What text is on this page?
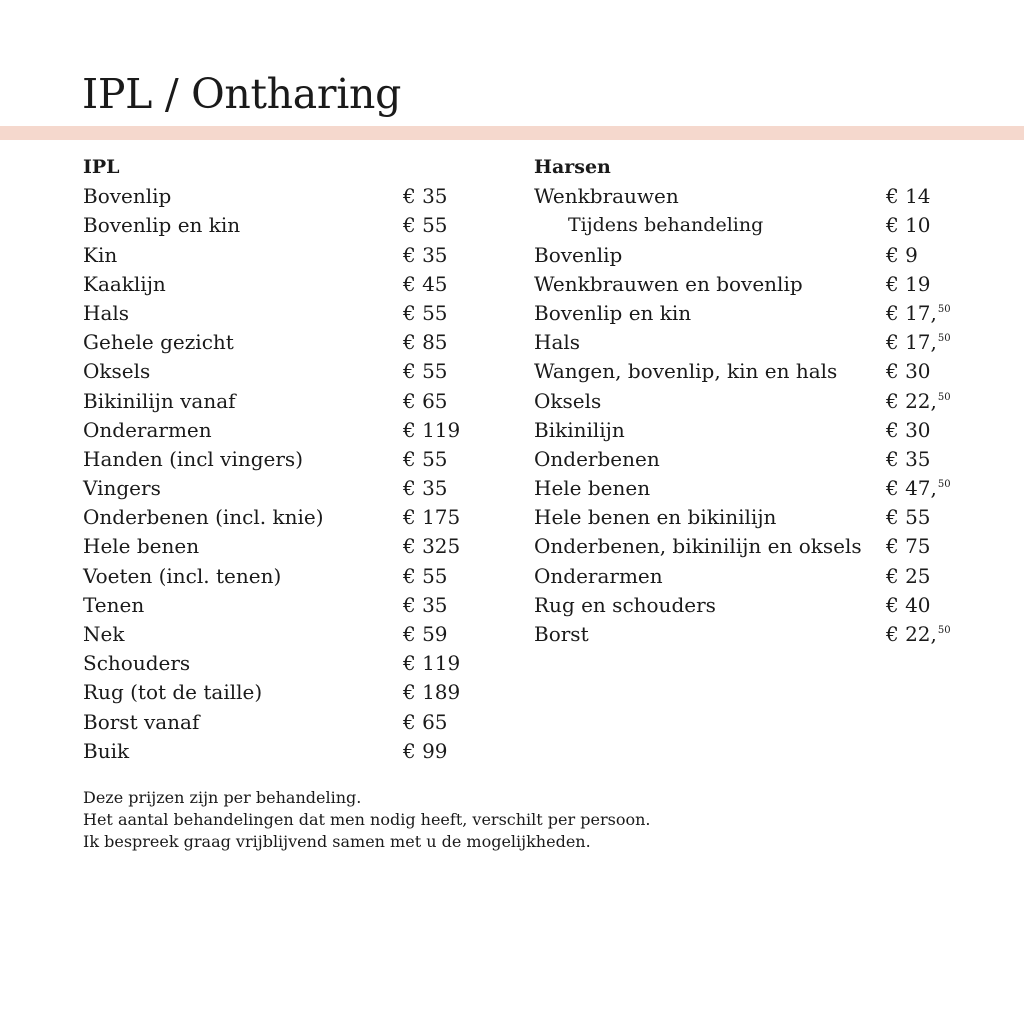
IPL / Ontharing
IPL
Bovenlip	€ 35
Bovenlip en kin	€ 55
Kin	€ 35
Kaaklijn	€ 45
Hals	€ 55
Gehele gezicht	€ 85
Oksels	€ 55
Bikinilijn vanaf	€ 65
Onderarmen	€ 119
Handen (incl vingers)	€ 55
Vingers	€ 35
Onderbenen (incl. knie)	€ 175
Hele benen	€ 325
Voeten (incl. tenen)	€ 55
Tenen	€ 35
Nek	€ 59
Schouders	€ 119
Rug (tot de taille)	€ 189
Borst vanaf	€ 65
Buik	€ 99
Harsen
Wenkbrauwen	€ 14
Tijdens behandeling	€ 10
Bovenlip	€ 9
Wenkbrauwen en bovenlip	€ 19
Bovenlip en kin	€ 17,50
Hals	€ 17,50
Wangen, bovenlip, kin en hals € 30
Oksels	€ 22,50
Bikinilijn	€ 30
Onderbenen	€ 35
Hele benen	€ 47,50
Hele benen en bikinilijn	€ 55
Onderbenen, bikinilijn en oksels € 75
Onderarmen	€ 25
Rug en schouders	€ 40
Borst	€ 22,50

Deze prijzen zijn per behandeling.

Het aantal behandelingen dat men nodig heeft, verschilt per persoon.

Ik bespreek graag vrijblijvend samen met u de mogelijkheden.
